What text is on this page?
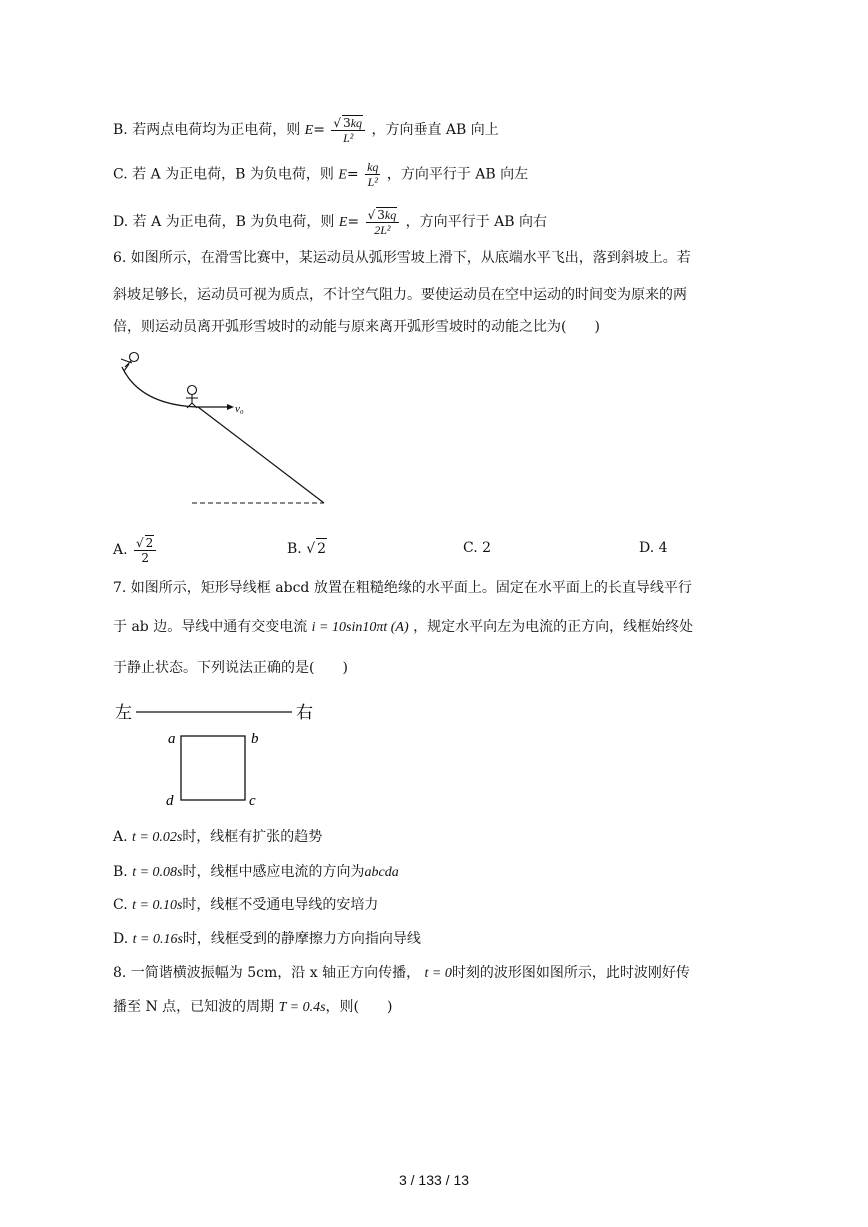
B. 若两点电荷均为正电荷，则 $E= \frac{√ 3kq}{\text{L²}}$ ，方向垂直 AB 向上
C. 若 A 为正电荷，B 为负电荷，则 $E= \frac{kq}{\text{L²}}$ ，方向平行于 AB 向左
D. 若 A 为正电荷，B 为负电荷，则 $E= \frac{√ 3kq}{\text{2L²}}$ ，方向平行于 AB 向右
6. 如图所示，在滑雪比赛中，某运动员从弧形雪坡上滑下，从底端水平飞出，落到斜坡上。若
斜坡足够长，运动员可视为质点，不计空气阻力。要使运动员在空中运动的时间变为原来的两
倍，则运动员离开弧形雪坡时的动能与原来离开弧形雪坡时的动能之比为(　　)
v₀
A. $\frac{√ 2}{2}$	B. √ 2	C. 2	D. 4
7. 如图所示，矩形导线框 abcd 放置在粗糙绝缘的水平面上。固定在水平面上的长直导线平行
于 ab 边。导线中通有交变电流 i = 10sin10πt (A) ，规定水平向左为电流的正方向，线框始终处
于静止状态。下列说法正确的是(　　)
左	右
a	b
c
d
A. t = 0.02s时，线框有扩张的趋势
B. t = 0.08s时，线框中感应电流的方向为abcda
C. t = 0.10s时，线框不受通电导线的安培力
D. t = 0.16s时，线框受到的静摩擦力方向指向导线
8. 一简谐横波振幅为 5cm，沿 x 轴正方向传播， t = 0时刻的波形图如图所示，此时波刚好传
播至 N 点，已知波的周期 T = 0.4s，则(　　)
3 / 133 / 13
